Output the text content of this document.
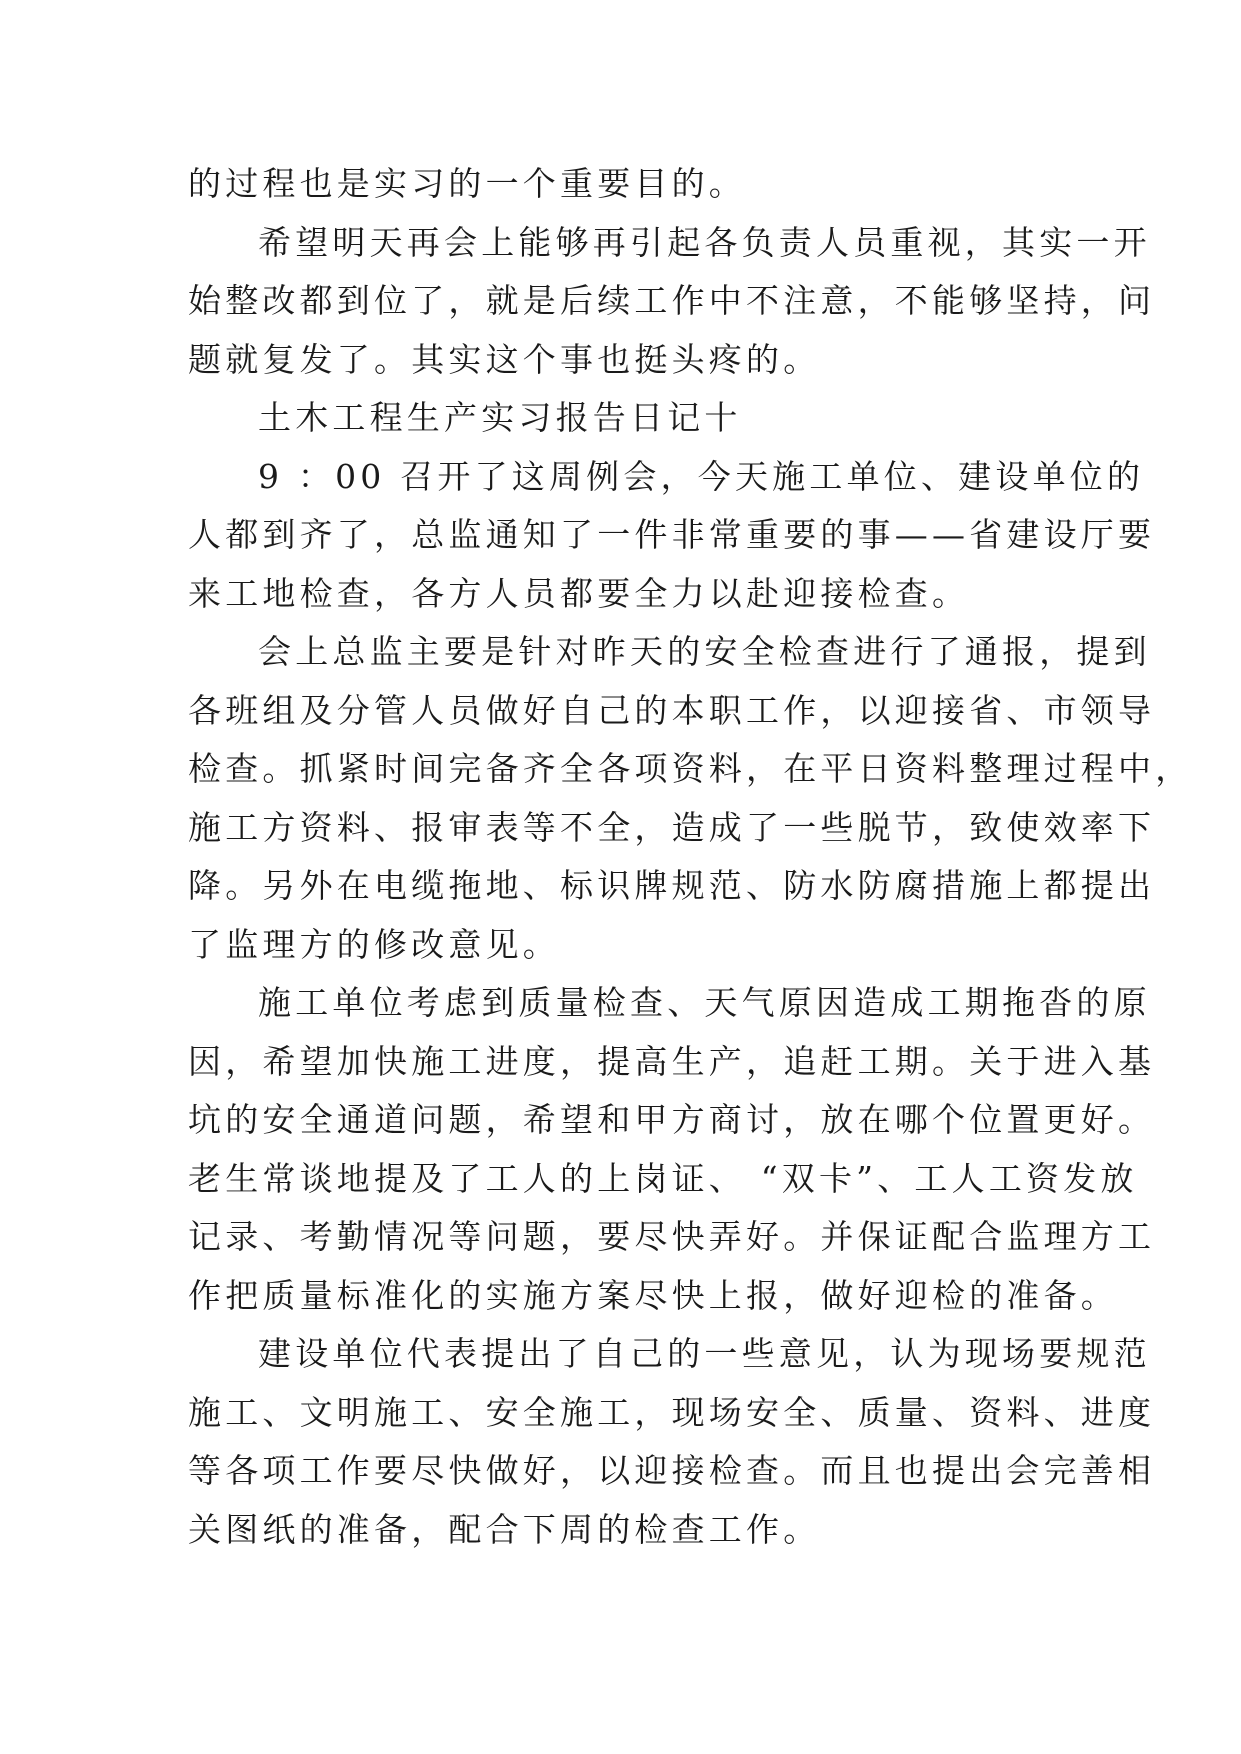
的过程也是实习的一个重要目的。
希望明天再会上能够再引起各负责人员重视，其实一开
始整改都到位了，就是后续工作中不注意，不能够坚持，问
题就复发了。其实这个事也挺头疼的。
土木工程生产实习报告日记十
9 ：00 召开了这周例会，今天施工单位、建设单位的
人都到齐了，总监通知了一件非常重要的事——省建设厅要
来工地检查，各方人员都要全力以赴迎接检查。
会上总监主要是针对昨天的安全检查进行了通报，提到
各班组及分管人员做好自己的本职工作，以迎接省、市领导
检查。抓紧时间完备齐全各项资料，在平日资料整理过程中，
施工方资料、报审表等不全，造成了一些脱节，致使效率下
降。另外在电缆拖地、标识牌规范、防水防腐措施上都提出
了监理方的修改意见。
施工单位考虑到质量检查、天气原因造成工期拖沓的原
因，希望加快施工进度，提高生产，追赶工期。关于进入基
坑的安全通道问题，希望和甲方商讨，放在哪个位置更好。
老生常谈地提及了工人的上岗证、 “双卡”、工人工资发放
记录、考勤情况等问题，要尽快弄好。并保证配合监理方工
作把质量标准化的实施方案尽快上报，做好迎检的准备。
建设单位代表提出了自己的一些意见，认为现场要规范
施工、文明施工、安全施工，现场安全、质量、资料、进度
等各项工作要尽快做好，以迎接检查。而且也提出会完善相
关图纸的准备，配合下周的检查工作。
